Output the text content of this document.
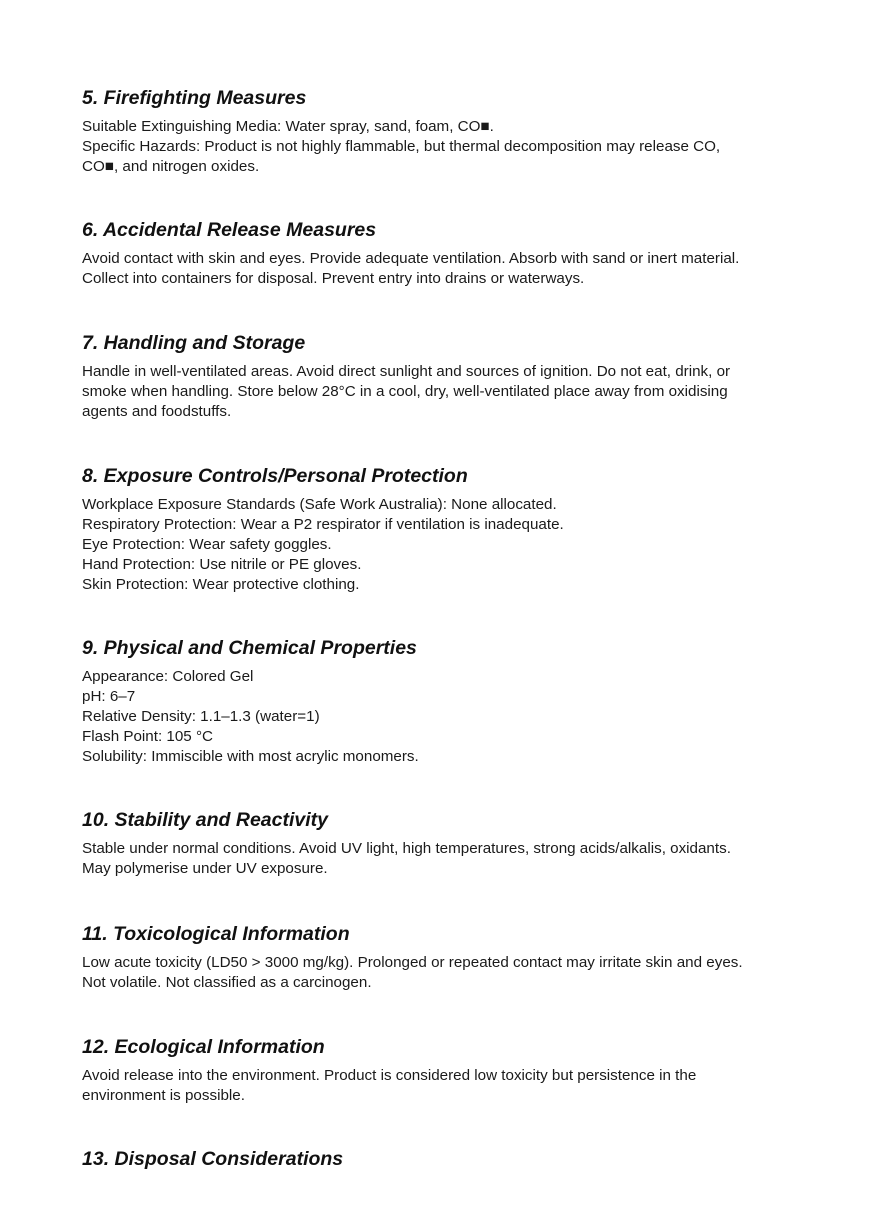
5. Firefighting Measures
Suitable Extinguishing Media: Water spray, sand, foam, CO■.
Specific Hazards: Product is not highly flammable, but thermal decomposition may release CO,
CO■, and nitrogen oxides.
6. Accidental Release Measures
Avoid contact with skin and eyes. Provide adequate ventilation. Absorb with sand or inert material.
Collect into containers for disposal. Prevent entry into drains or waterways.
7. Handling and Storage
Handle in well-ventilated areas. Avoid direct sunlight and sources of ignition. Do not eat, drink, or
smoke when handling. Store below 28°C in a cool, dry, well-ventilated place away from oxidising
agents and foodstuffs.
8. Exposure Controls/Personal Protection
Workplace Exposure Standards (Safe Work Australia): None allocated.
Respiratory Protection: Wear a P2 respirator if ventilation is inadequate.
Eye Protection: Wear safety goggles.
Hand Protection: Use nitrile or PE gloves.
Skin Protection: Wear protective clothing.
9. Physical and Chemical Properties
Appearance: Colored Gel
pH: 6–7
Relative Density: 1.1–1.3 (water=1)
Flash Point: 105 °C
Solubility: Immiscible with most acrylic monomers.
10. Stability and Reactivity
Stable under normal conditions. Avoid UV light, high temperatures, strong acids/alkalis, oxidants.
May polymerise under UV exposure.
11. Toxicological Information
Low acute toxicity (LD50 > 3000 mg/kg). Prolonged or repeated contact may irritate skin and eyes.
Not volatile. Not classified as a carcinogen.
12. Ecological Information
Avoid release into the environment. Product is considered low toxicity but persistence in the
environment is possible.
13. Disposal Considerations
